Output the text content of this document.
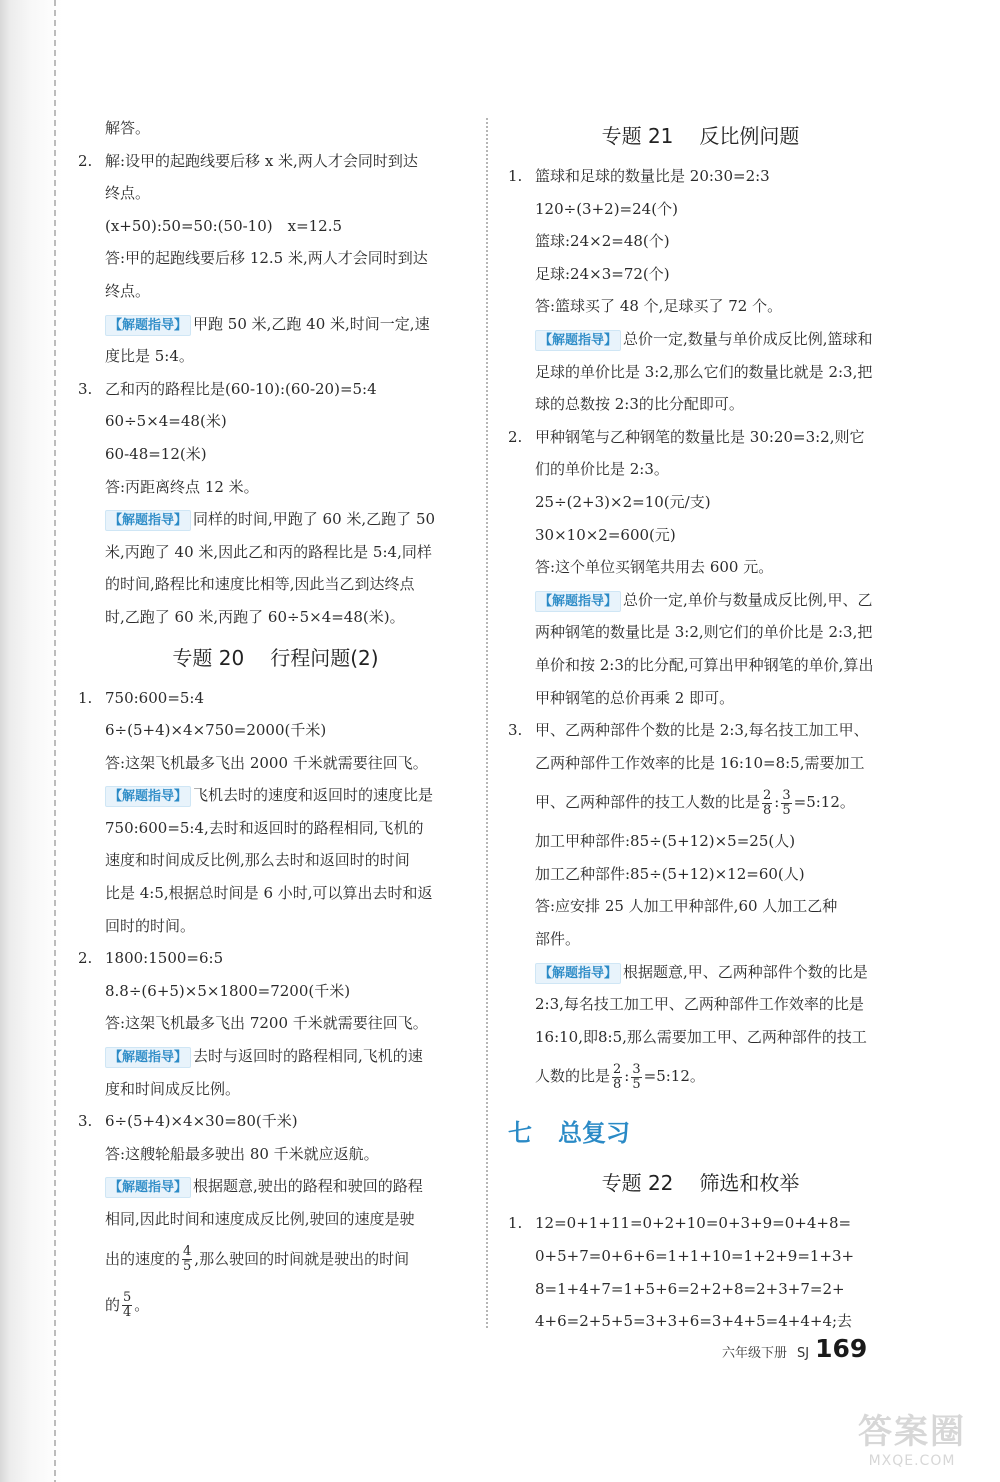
解答。
2. 解:设甲的起跑线要后移 x 米,两人才会同时到达
终点。
(x+50):50=50:(50-10)　x=12.5
答:甲的起跑线要后移 12.5 米,两人才会同时到达
终点。
【解题指导】 甲跑 50 米,乙跑 40 米,时间一定,速
度比是 5:4。
3. 乙和丙的路程比是(60-10):(60-20)=5:4
60÷5×4=48(米)
60-48=12(米)
答:丙距离终点 12 米。
【解题指导】 同样的时间,甲跑了 60 米,乙跑了 50
米,丙跑了 40 米,因此乙和丙的路程比是 5:4,同样
的时间,路程比和速度比相等,因此当乙到达终点
时,乙跑了 60 米,丙跑了 60÷5×4=48(米)。
专题 20 行程问题(2)
1. 750:600=5:4
6÷(5+4)×4×750=2000(千米)
答:这架飞机最多飞出 2000 千米就需要往回飞。
【解题指导】 飞机去时的速度和返回时的速度比是
750:600=5:4,去时和返回时的路程相同,飞机的
速度和时间成反比例,那么去时和返回时的时间
比是 4:5,根据总时间是 6 小时,可以算出去时和返
回时的时间。
2. 1800:1500=6:5
8.8÷(6+5)×5×1800=7200(千米)
答:这架飞机最多飞出 7200 千米就需要往回飞。
【解题指导】 去时与返回时的路程相同,飞机的速
度和时间成反比例。
3. 6÷(5+4)×4×30=80(千米)
答:这艘轮船最多驶出 80 千米就应返航。
【解题指导】 根据题意,驶出的路程和驶回的路程
相同,因此时间和速度成反比例,驶回的速度是驶
出的速度的 $\frac{4}{5}$ ,那么驶回的时间就是驶出的时间
的 $\frac{5}{4}$ 。
专题 21 反比例问题
1. 篮球和足球的数量比是 20:30=2:3
120÷(3+2)=24(个)
篮球:24×2=48(个)
足球:24×3=72(个)
答:篮球买了 48 个,足球买了 72 个。
【解题指导】 总价一定,数量与单价成反比例,篮球和
足球的单价比是 3:2,那么它们的数量比就是 2:3,把
球的总数按 2:3的比分配即可。
2. 甲种钢笔与乙种钢笔的数量比是 30:20=3:2,则它
们的单价比是 2:3。
25÷(2+3)×2=10(元/支)
30×10×2=600(元)
答:这个单位买钢笔共用去 600 元。
【解题指导】 总价一定,单价与数量成反比例,甲、乙
两种钢笔的数量比是 3:2,则它们的单价比是 2:3,把
单价和按 2:3的比分配,可算出甲种钢笔的单价,算出
甲种钢笔的总价再乘 2 即可。
3. 甲、乙两种部件个数的比是 2:3,每名技工加工甲、
乙两种部件工作效率的比是 16:10=8:5,需要加工
甲、乙两种部件的技工人数的比是 $\frac{2}{8}$ : $\frac{3}{5}$ =5:12。
加工甲种部件:85÷(5+12)×5=25(人)
加工乙种部件:85÷(5+12)×12=60(人)
答:应安排 25 人加工甲种部件,60 人加工乙种
部件。
【解题指导】 根据题意,甲、乙两种部件个数的比是
2:3,每名技工加工甲、乙两种部件工作效率的比是
16:10,即8:5,那么需要加工甲、乙两种部件的技工
人数的比是 $\frac{2}{8}$ : $\frac{3}{5}$ =5:12。
七 总复习
专题 22 筛选和枚举
1. 12=0+1+11=0+2+10=0+3+9=0+4+8=
0+5+7=0+6+6=1+1+10=1+2+9=1+3+
8=1+4+7=1+5+6=2+2+8=2+3+7=2+
4+6=2+5+5=3+3+6=3+4+5=4+4+4;去
六年级下册 SJ 169
答案圈
MXQE.COM
